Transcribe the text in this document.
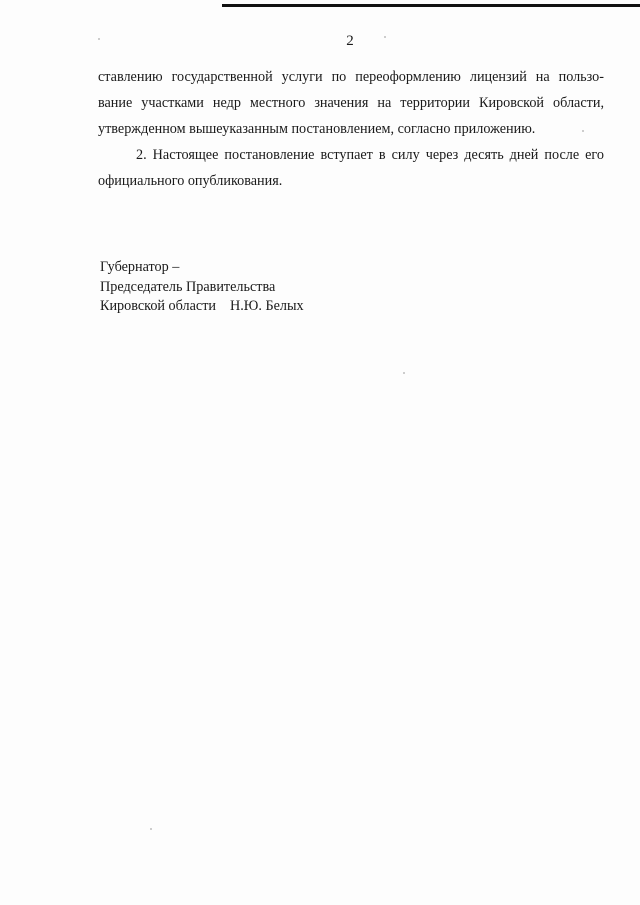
2

ставлению государственной услуги по переоформлению лицензий на пользо-
вание участками недр местного значения на территории Кировской области,
утвержденном вышеуказанным постановлением, согласно приложению.

2. Настоящее постановление вступает в силу через десять дней после его
официального опубликования.

Губернатор –
Председатель Правительства
Кировской области Н.Ю. Белых
